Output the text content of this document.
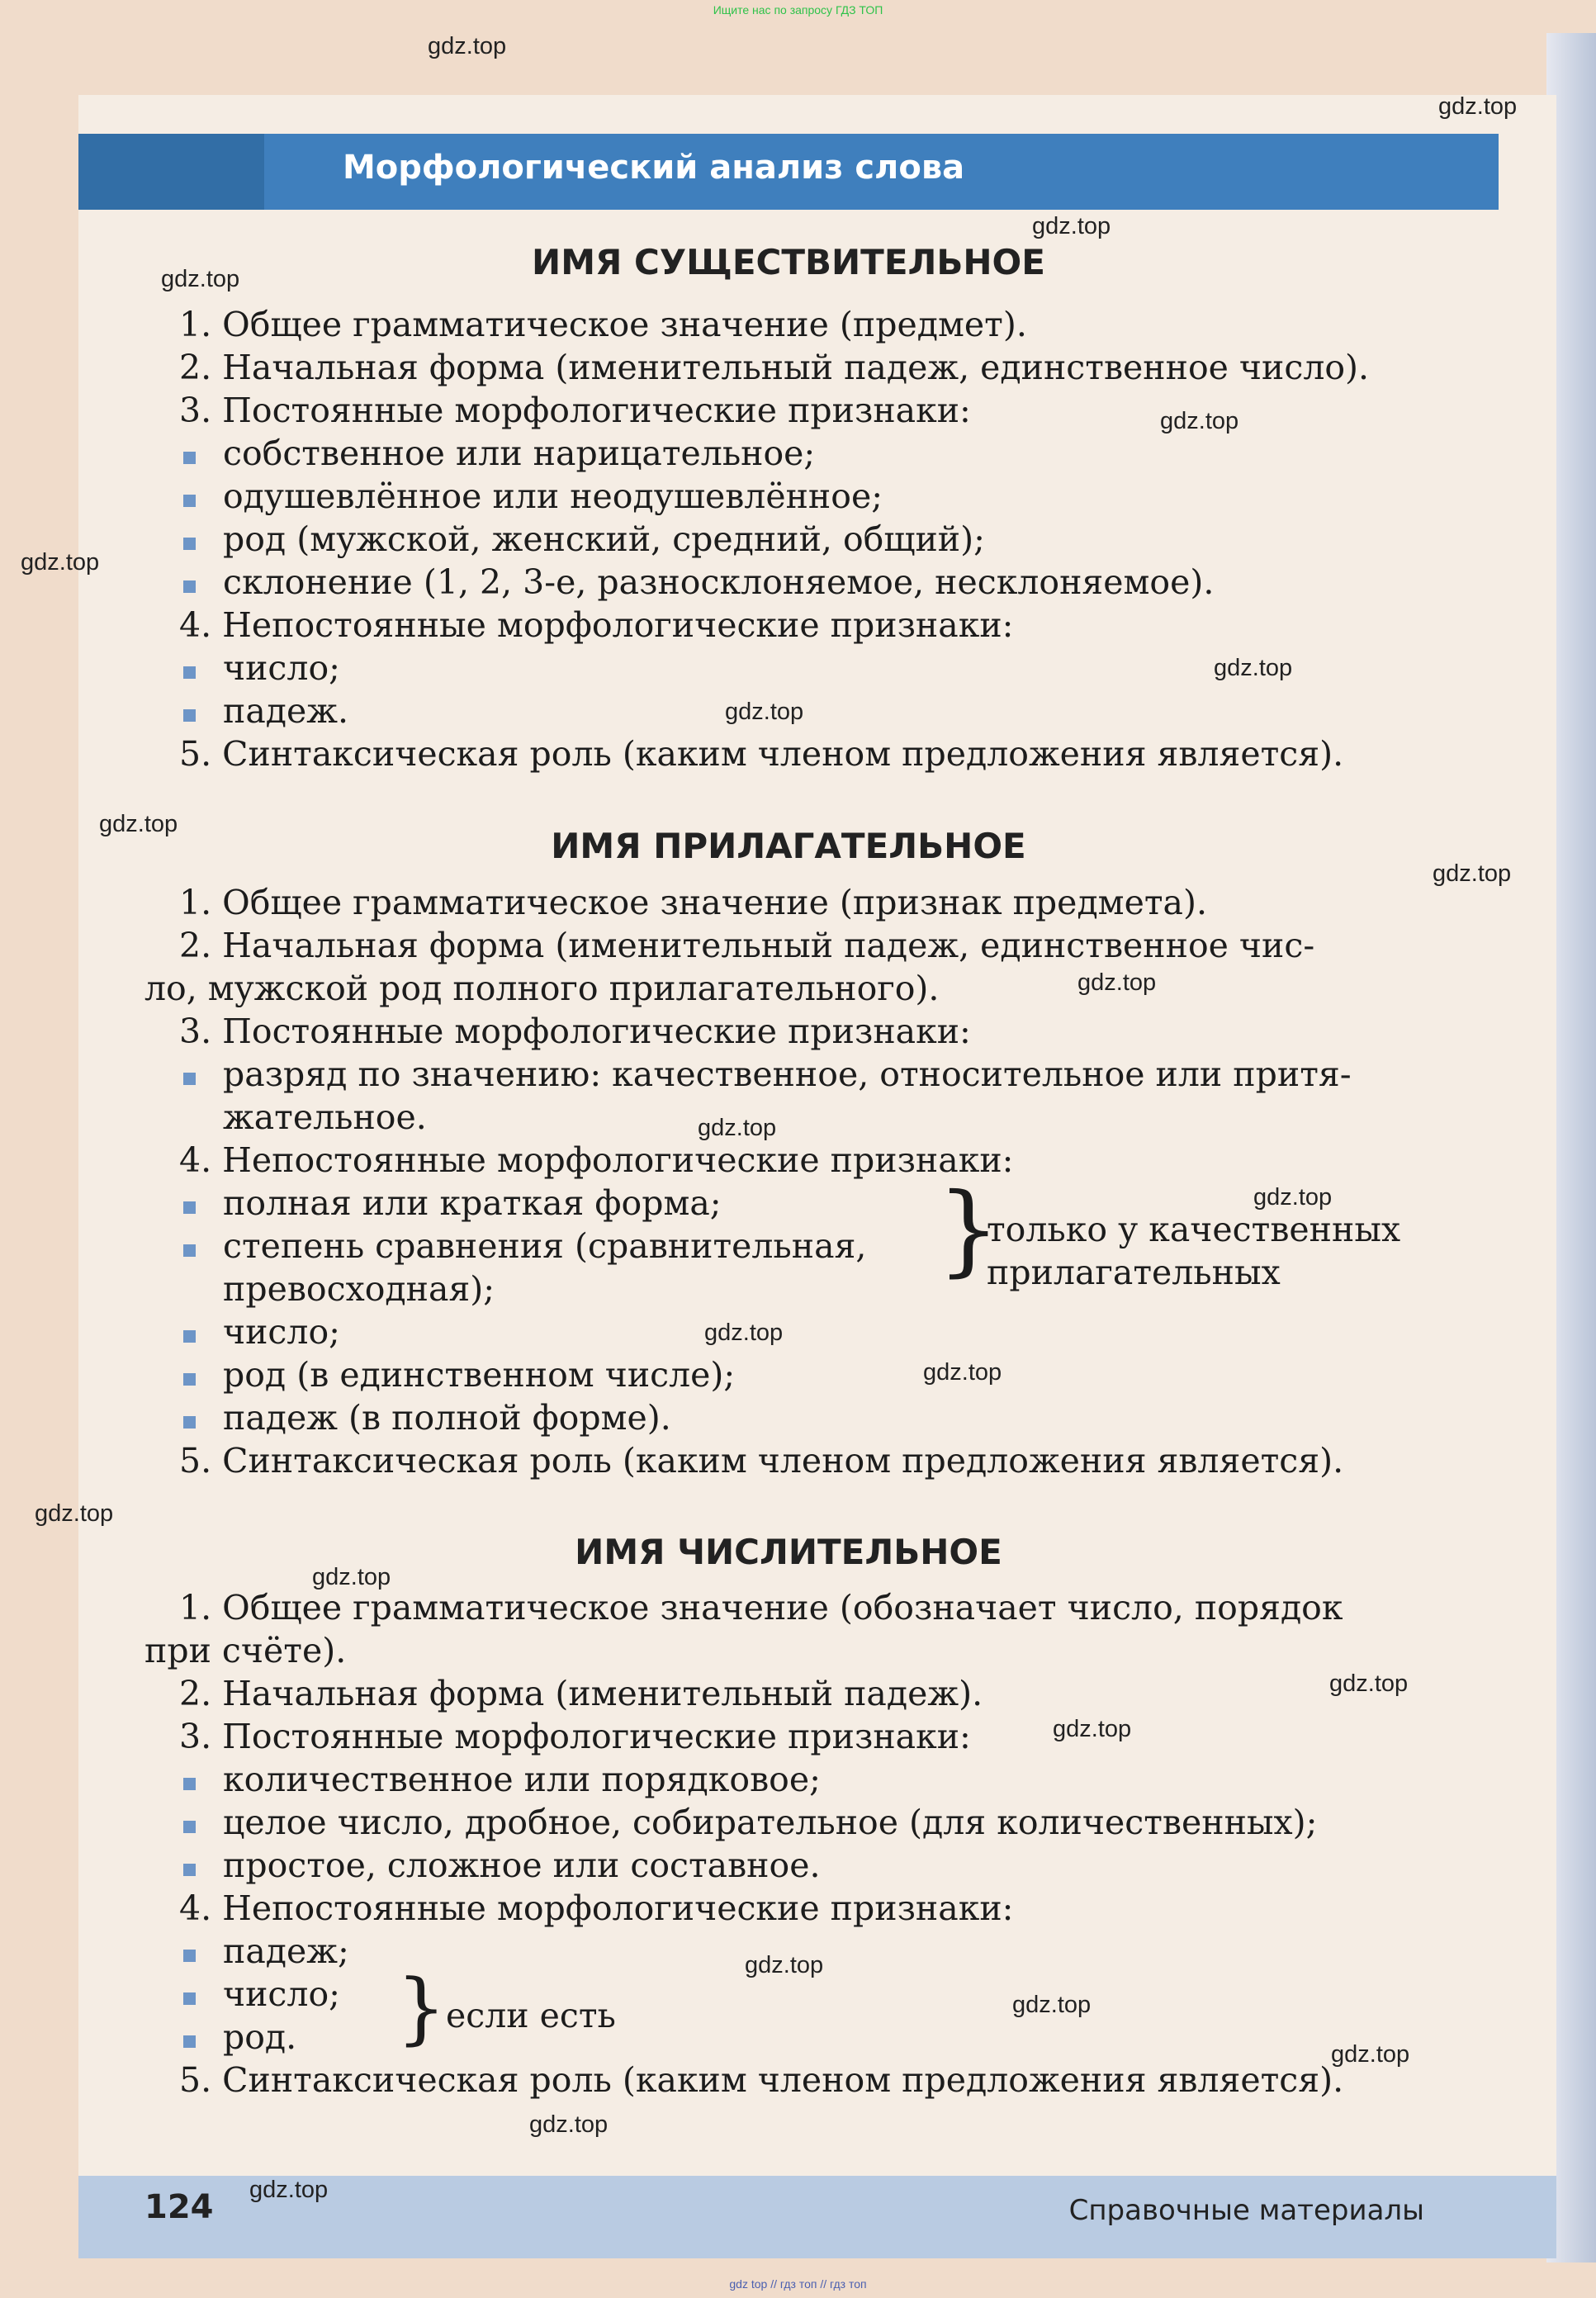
Ищите нас по запросу ГДЗ ТОП
Морфологический анализ слова
ИМЯ СУЩЕСТВИТЕЛЬНОЕ
1. Общее грамматическое значение (предмет).
2. Начальная форма (именительный падеж, единственное число).
3. Постоянные морфологические признаки:
собственное или нарицательное;
одушевлённое или неодушевлённое;
род (мужской, женский, средний, общий);
склонение (1, 2, 3-е, разносклоняемое, несклоняемое).
4. Непостоянные морфологические признаки:
число;
падеж.
5. Синтаксическая роль (каким членом предложения является).
ИМЯ ПРИЛАГАТЕЛЬНОЕ
1. Общее грамматическое значение (признак предмета).
2. Начальная форма (именительный падеж, единственное чис-
ло, мужской род полного прилагательного).
3. Постоянные морфологические признаки:
разряд по значению: качественное, относительное или притя-
жательное.
4. Непостоянные морфологические признаки:
полная или краткая форма;
степень сравнения (сравнительная,
превосходная);
}
только у качественных
прилагательных
число;
род (в единственном числе);
падеж (в полной форме).
5. Синтаксическая роль (каким членом предложения является).
ИМЯ ЧИСЛИТЕЛЬНОЕ
1. Общее грамматическое значение (обозначает число, порядок
при счёте).
2. Начальная форма (именительный падеж).
3. Постоянные морфологические признаки:
количественное или порядковое;
целое число, дробное, собирательное (для количественных);
простое, сложное или составное.
4. Непостоянные морфологические признаки:
падеж;
число;
род. } если есть
5. Синтаксическая роль (каким членом предложения является).
124	Справочные материалы
gdz.top
gdz.top
gdz.top
gdz.top
gdz.top
gdz.top
gdz.top
gdz.top
gdz.top
gdz.top
gdz.top
gdz.top
gdz.top
gdz.top
gdz.top
gdz.top
gdz.top
gdz.top
gdz.top
gdz.top
gdz.top
gdz.top
gdz.top
gdz.top
gdz top // гдз топ // гдз топ
